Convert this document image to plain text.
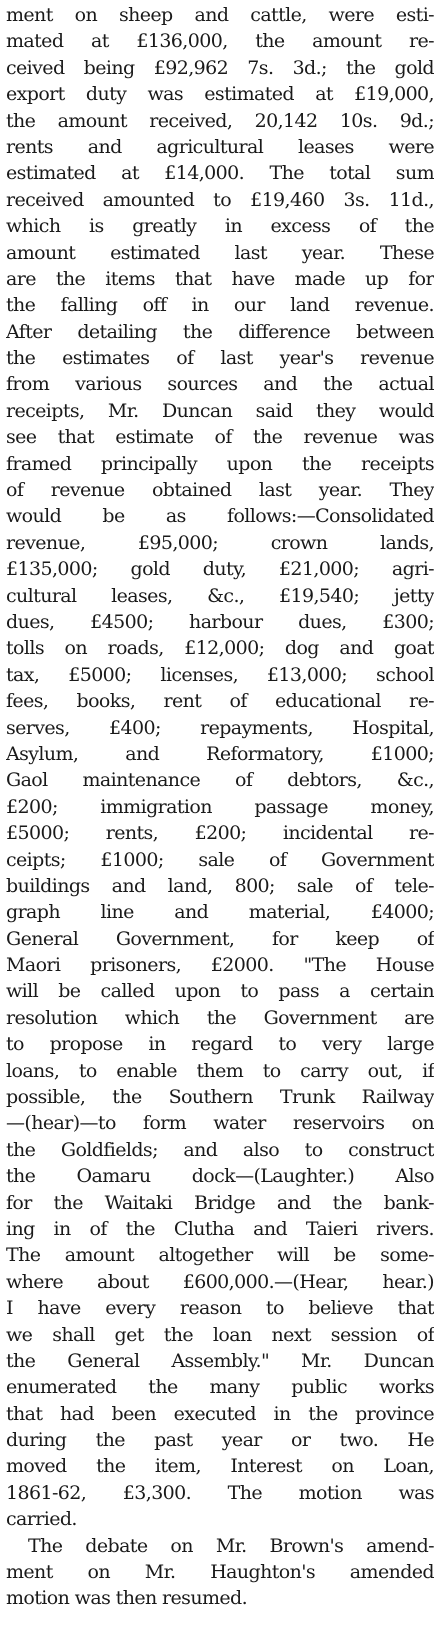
ment on sheep and cattle, were esti-
mated at £136,000, the amount re-
ceived being £92,962 7s. 3d.; the gold
export duty was estimated at £19,000,
the amount received, 20,142 10s. 9d.;
rents and agricultural leases were
estimated at £14,000. The total sum
received amounted to £19,460 3s. 11d.,
which is greatly in excess of the
amount estimated last year. These
are the items that have made up for
the falling off in our land revenue.
After detailing the difference between
the estimates of last year's revenue
from various sources and the actual
receipts, Mr. Duncan said they would
see that estimate of the revenue was
framed principally upon the receipts
of revenue obtained last year. They
would be as follows:—Consolidated
revenue, £95,000; crown lands,
£135,000; gold duty, £21,000; agri-
cultural leases, &c., £19,540; jetty
dues, £4500; harbour dues, £300;
tolls on roads, £12,000; dog and goat
tax, £5000; licenses, £13,000; school
fees, books, rent of educational re-
serves, £400; repayments, Hospital,
Asylum, and Reformatory, £1000;
Gaol maintenance of debtors, &c.,
£200; immigration passage money,
£5000; rents, £200; incidental re-
ceipts; £1000; sale of Government
buildings and land, 800; sale of tele-
graph line and material, £4000;
General Government, for keep of
Maori prisoners, £2000. "The House
will be called upon to pass a certain
resolution which the Government are
to propose in regard to very large
loans, to enable them to carry out, if
possible, the Southern Trunk Railway
—(hear)—to form water reservoirs on
the Goldfields; and also to construct
the Oamaru dock—(Laughter.) Also
for the Waitaki Bridge and the bank-
ing in of the Clutha and Taieri rivers.
The amount altogether will be some-
where about £600,000.—(Hear, hear.)
I have every reason to believe that
we shall get the loan next session of
the General Assembly." Mr. Duncan
enumerated the many public works
that had been executed in the province
during the past year or two. He
moved the item, Interest on Loan,
1861-62, £3,300. The motion was
carried.
The debate on Mr. Brown's amend-
ment on Mr. Haughton's amended
motion was then resumed.
